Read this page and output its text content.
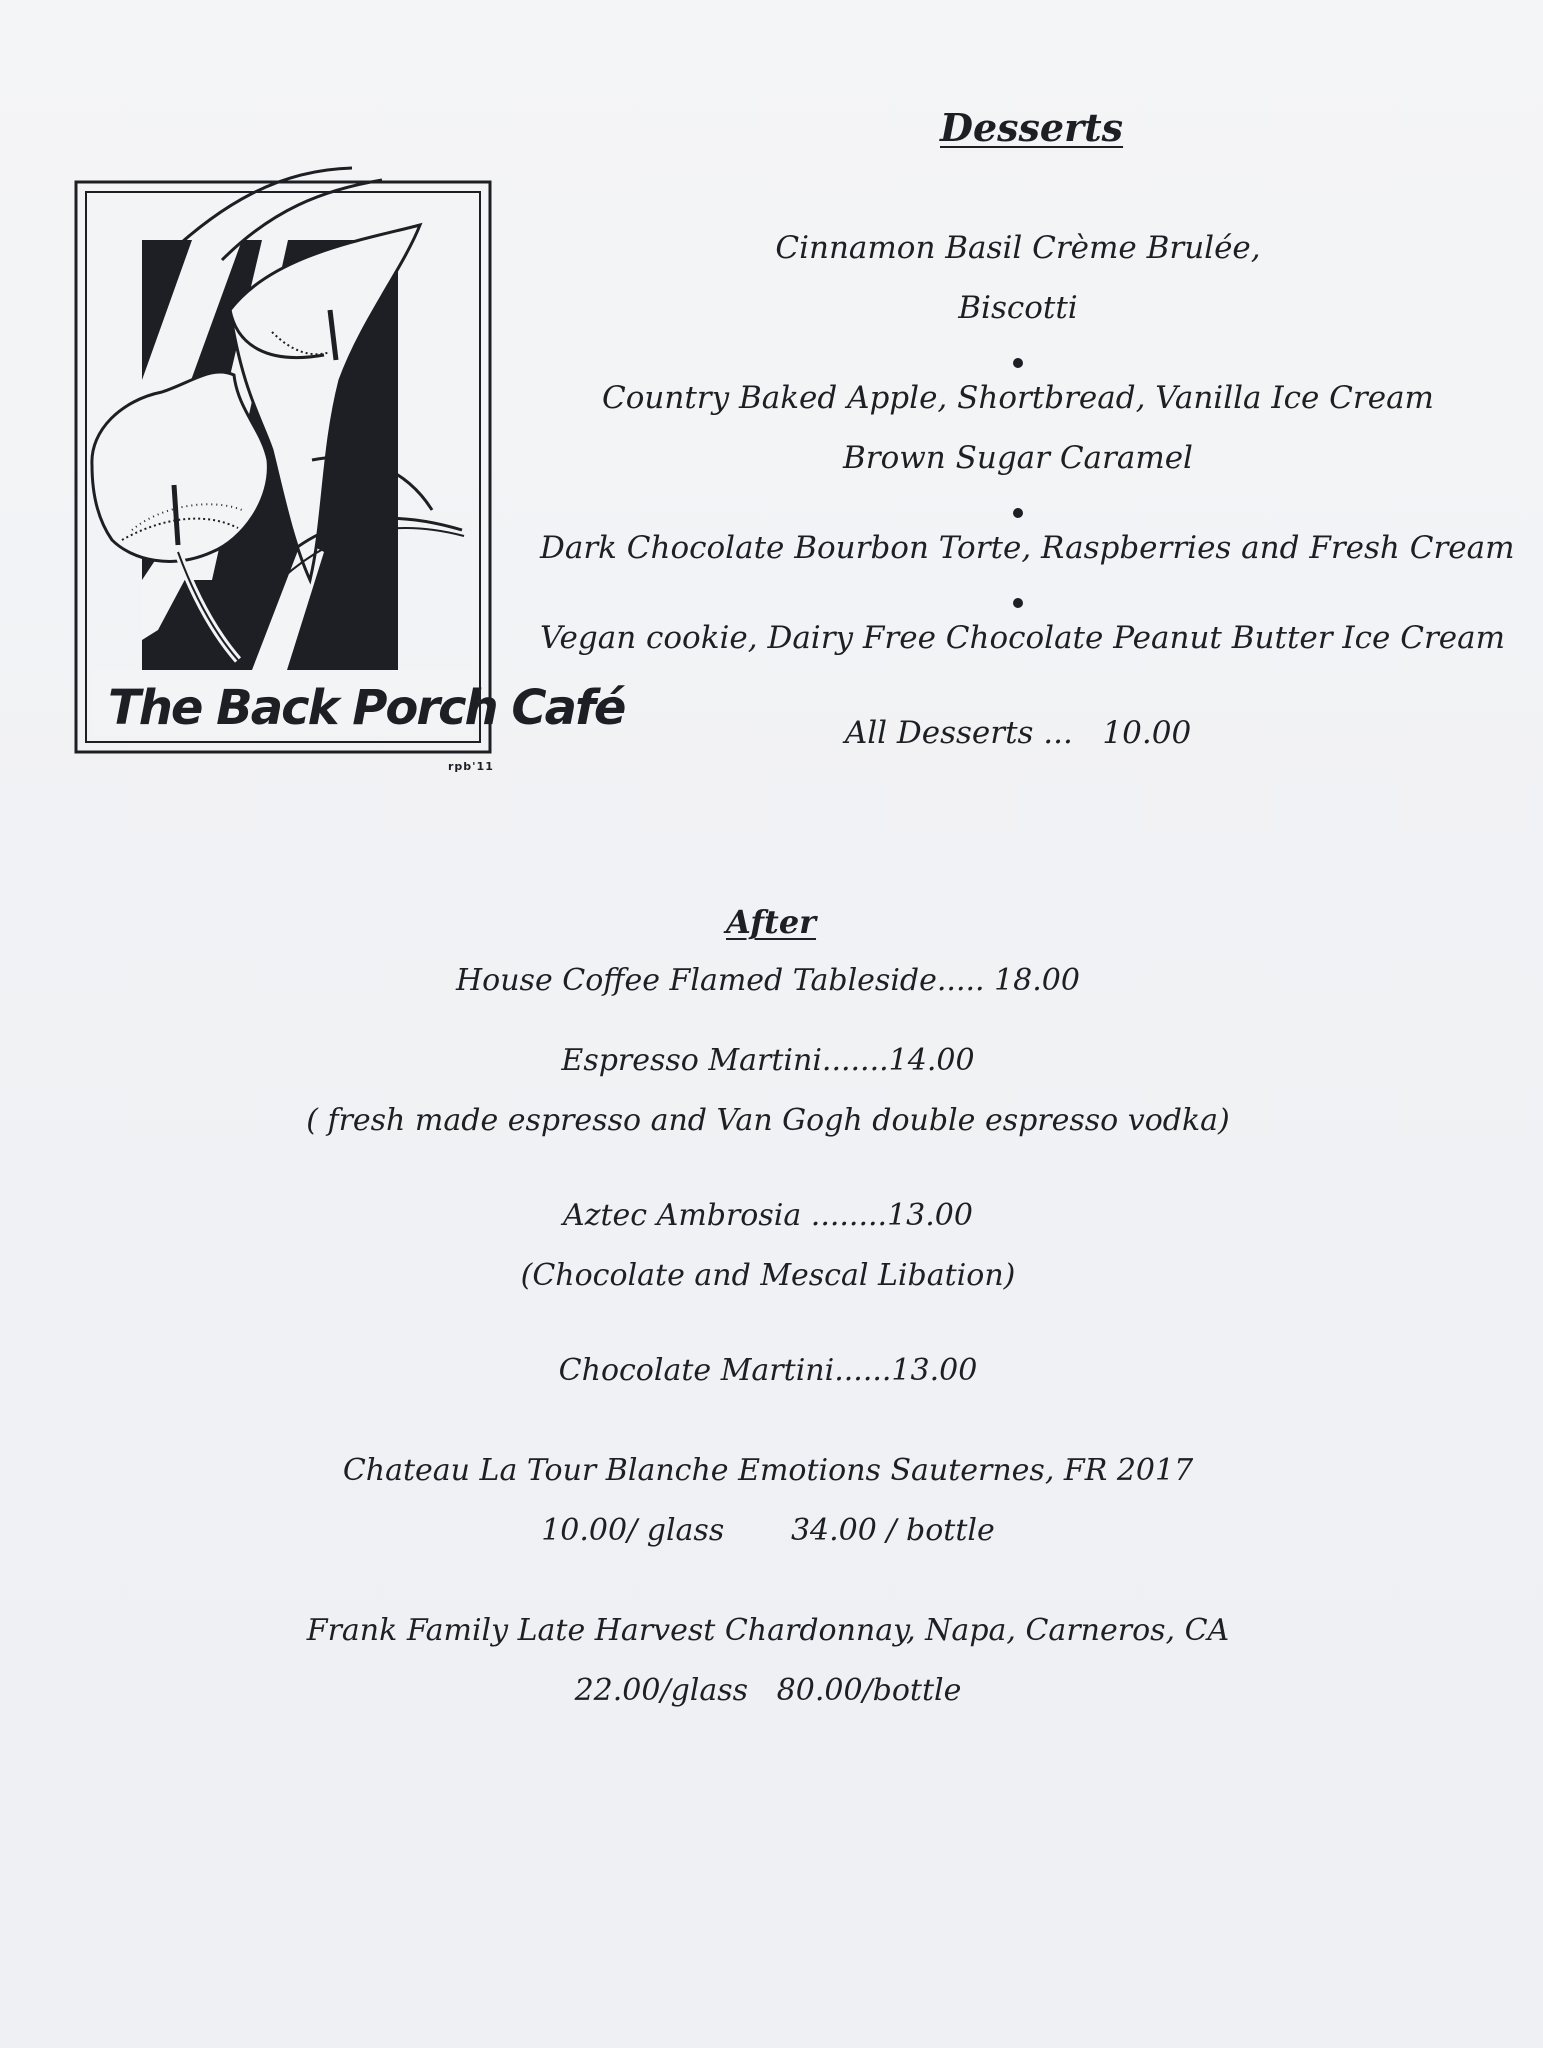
The Back Porch Café
rpb'11
Desserts
Cinnamon Basil Crème Brulée,
Biscotti
Country Baked Apple, Shortbread, Vanilla Ice Cream
Brown Sugar Caramel
Dark Chocolate Bourbon Torte, Raspberries and Fresh Cream
Vegan cookie, Dairy Free Chocolate Peanut Butter Ice Cream
All Desserts ...   10.00
After
House Coffee Flamed Tableside..... 18.00
Espresso Martini.......14.00
( fresh made espresso and Van Gogh double espresso vodka)
Aztec Ambrosia ........13.00
(Chocolate and Mescal Libation)
Chocolate Martini......13.00
Chateau La Tour Blanche Emotions Sauternes, FR 2017
10.00/ glass       34.00 / bottle
Frank Family Late Harvest Chardonnay, Napa, Carneros, CA
22.00/glass   80.00/bottle
